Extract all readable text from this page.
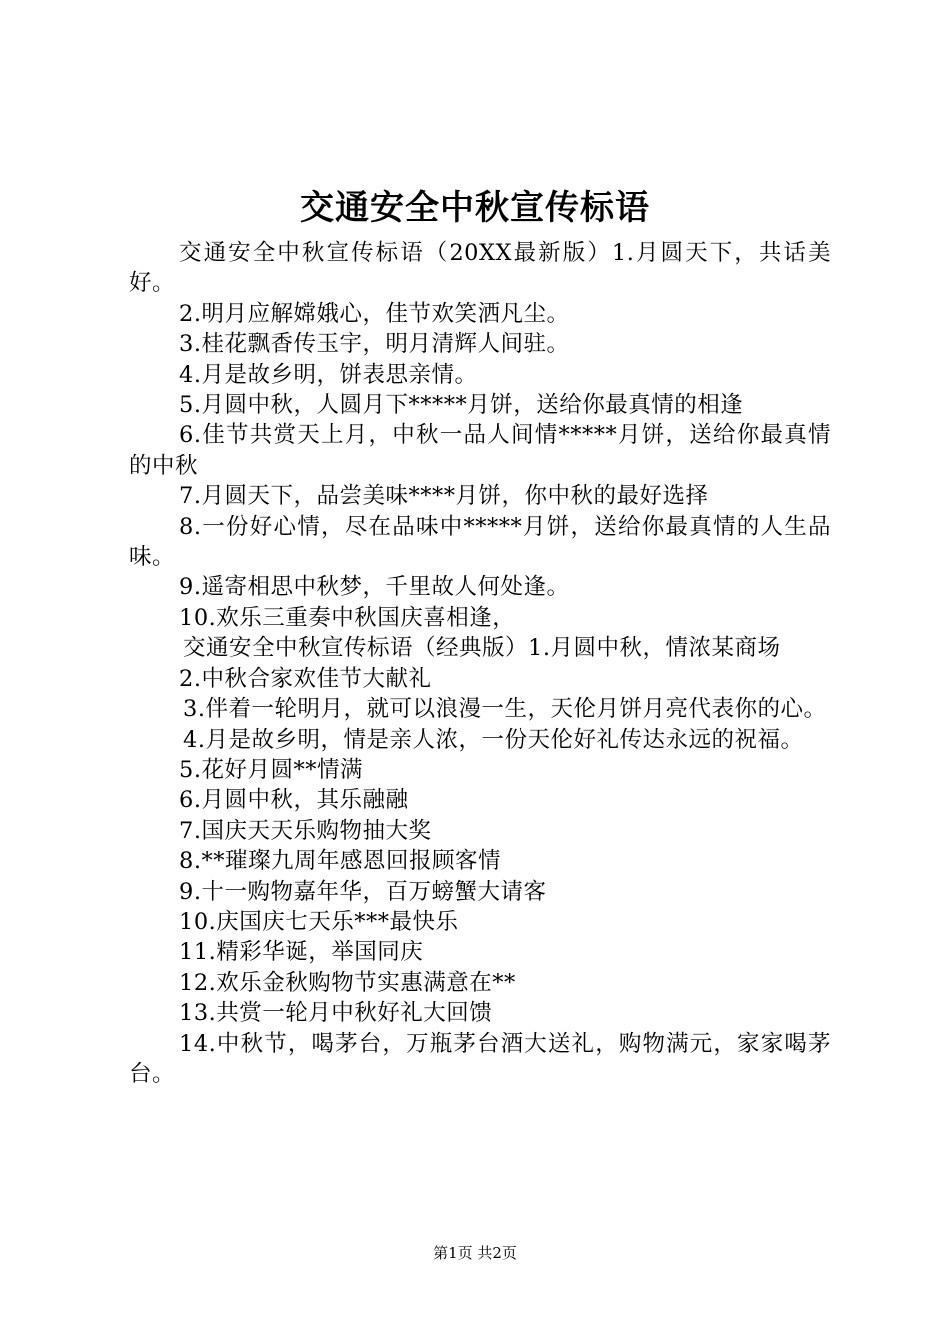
交通安全中秋宣传标语

交通安全中秋宣传标语（20XX最新版）1.月圆天下，共话美好。

2.明月应解嫦娥心，佳节欢笑洒凡尘。

3.桂花飘香传玉宇，明月清辉人间驻。

4.月是故乡明，饼表思亲情。

5.月圆中秋，人圆月下*****月饼，送给你最真情的相逢

6.佳节共赏天上月，中秋一品人间情*****月饼，送给你最真情的中秋

7.月圆天下，品尝美味****月饼，你中秋的最好选择

8.一份好心情，尽在品味中*****月饼，送给你最真情的人生品味。

9.遥寄相思中秋梦，千里故人何处逢。

10.欢乐三重奏中秋国庆喜相逢，

交通安全中秋宣传标语（经典版）1.月圆中秋，情浓某商场

2.中秋合家欢佳节大献礼

3.伴着一轮明月，就可以浪漫一生，天伦月饼月亮代表你的心。

4.月是故乡明，情是亲人浓，一份天伦好礼传达永远的祝福。

5.花好月圆**情满

6.月圆中秋，其乐融融

7.国庆天天乐购物抽大奖

8.**璀璨九周年感恩回报顾客情

9.十一购物嘉年华，百万螃蟹大请客

10.庆国庆七天乐***最快乐

11.精彩华诞，举国同庆

12.欢乐金秋购物节实惠满意在**

13.共赏一轮月中秋好礼大回馈

14.中秋节，喝茅台，万瓶茅台酒大送礼，购物满元，家家喝茅台。

第1页 共2页
